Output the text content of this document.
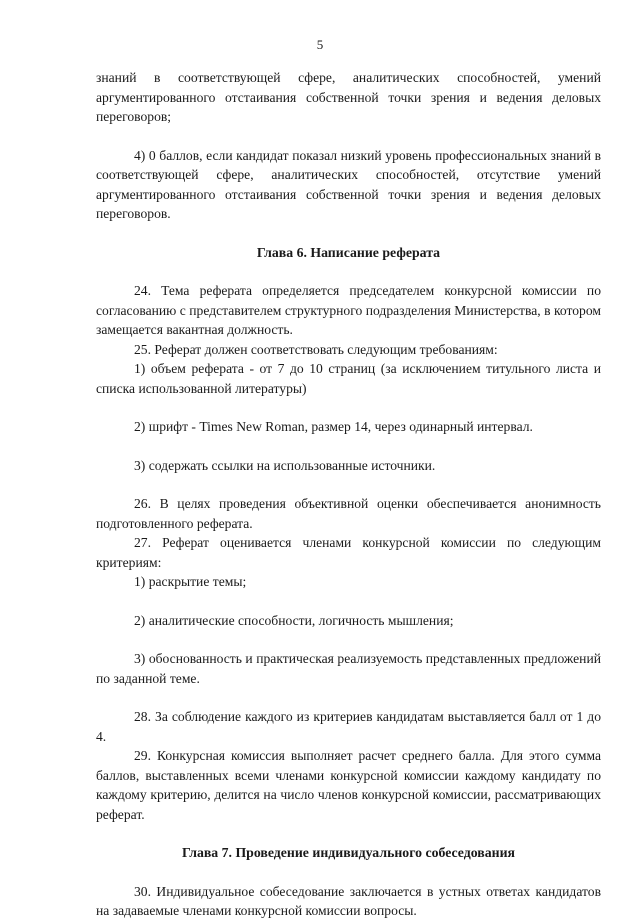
5

знаний в соответствующей сфере, аналитических способностей, умений аргументированного отстаивания собственной точки зрения и ведения деловых переговоров;

4) 0 баллов, если кандидат показал низкий уровень профессиональных знаний в соответствующей сфере, аналитических способностей, отсутствие умений аргументированного отстаивания собственной точки зрения и ведения деловых переговоров.

Глава 6. Написание реферата

24. Тема реферата определяется председателем конкурсной комиссии по согласованию с представителем структурного подразделения Министерства, в котором замещается вакантная должность.

25. Реферат должен соответствовать следующим требованиям:

1) объем реферата - от 7 до 10 страниц (за исключением титульного листа и списка использованной литературы)

2) шрифт - Times New Roman, размер 14, через одинарный интервал.

3) содержать ссылки на использованные источники.

26. В целях проведения объективной оценки обеспечивается анонимность подготовленного реферата.

27. Реферат оценивается членами конкурсной комиссии по следующим критериям:

1) раскрытие темы;

2) аналитические способности, логичность мышления;

3) обоснованность и практическая реализуемость представленных предложений по заданной теме.

28. За соблюдение каждого из критериев кандидатам выставляется балл от 1 до 4.

29. Конкурсная комиссия выполняет расчет среднего балла. Для этого сумма баллов, выставленных всеми членами конкурсной комиссии каждому кандидату по каждому критерию, делится на число членов конкурсной комиссии, рассматривающих реферат.

Глава 7. Проведение индивидуального собеседования

30. Индивидуальное собеседование заключается в устных ответах кандидатов на задаваемые членами конкурсной комиссии вопросы.
